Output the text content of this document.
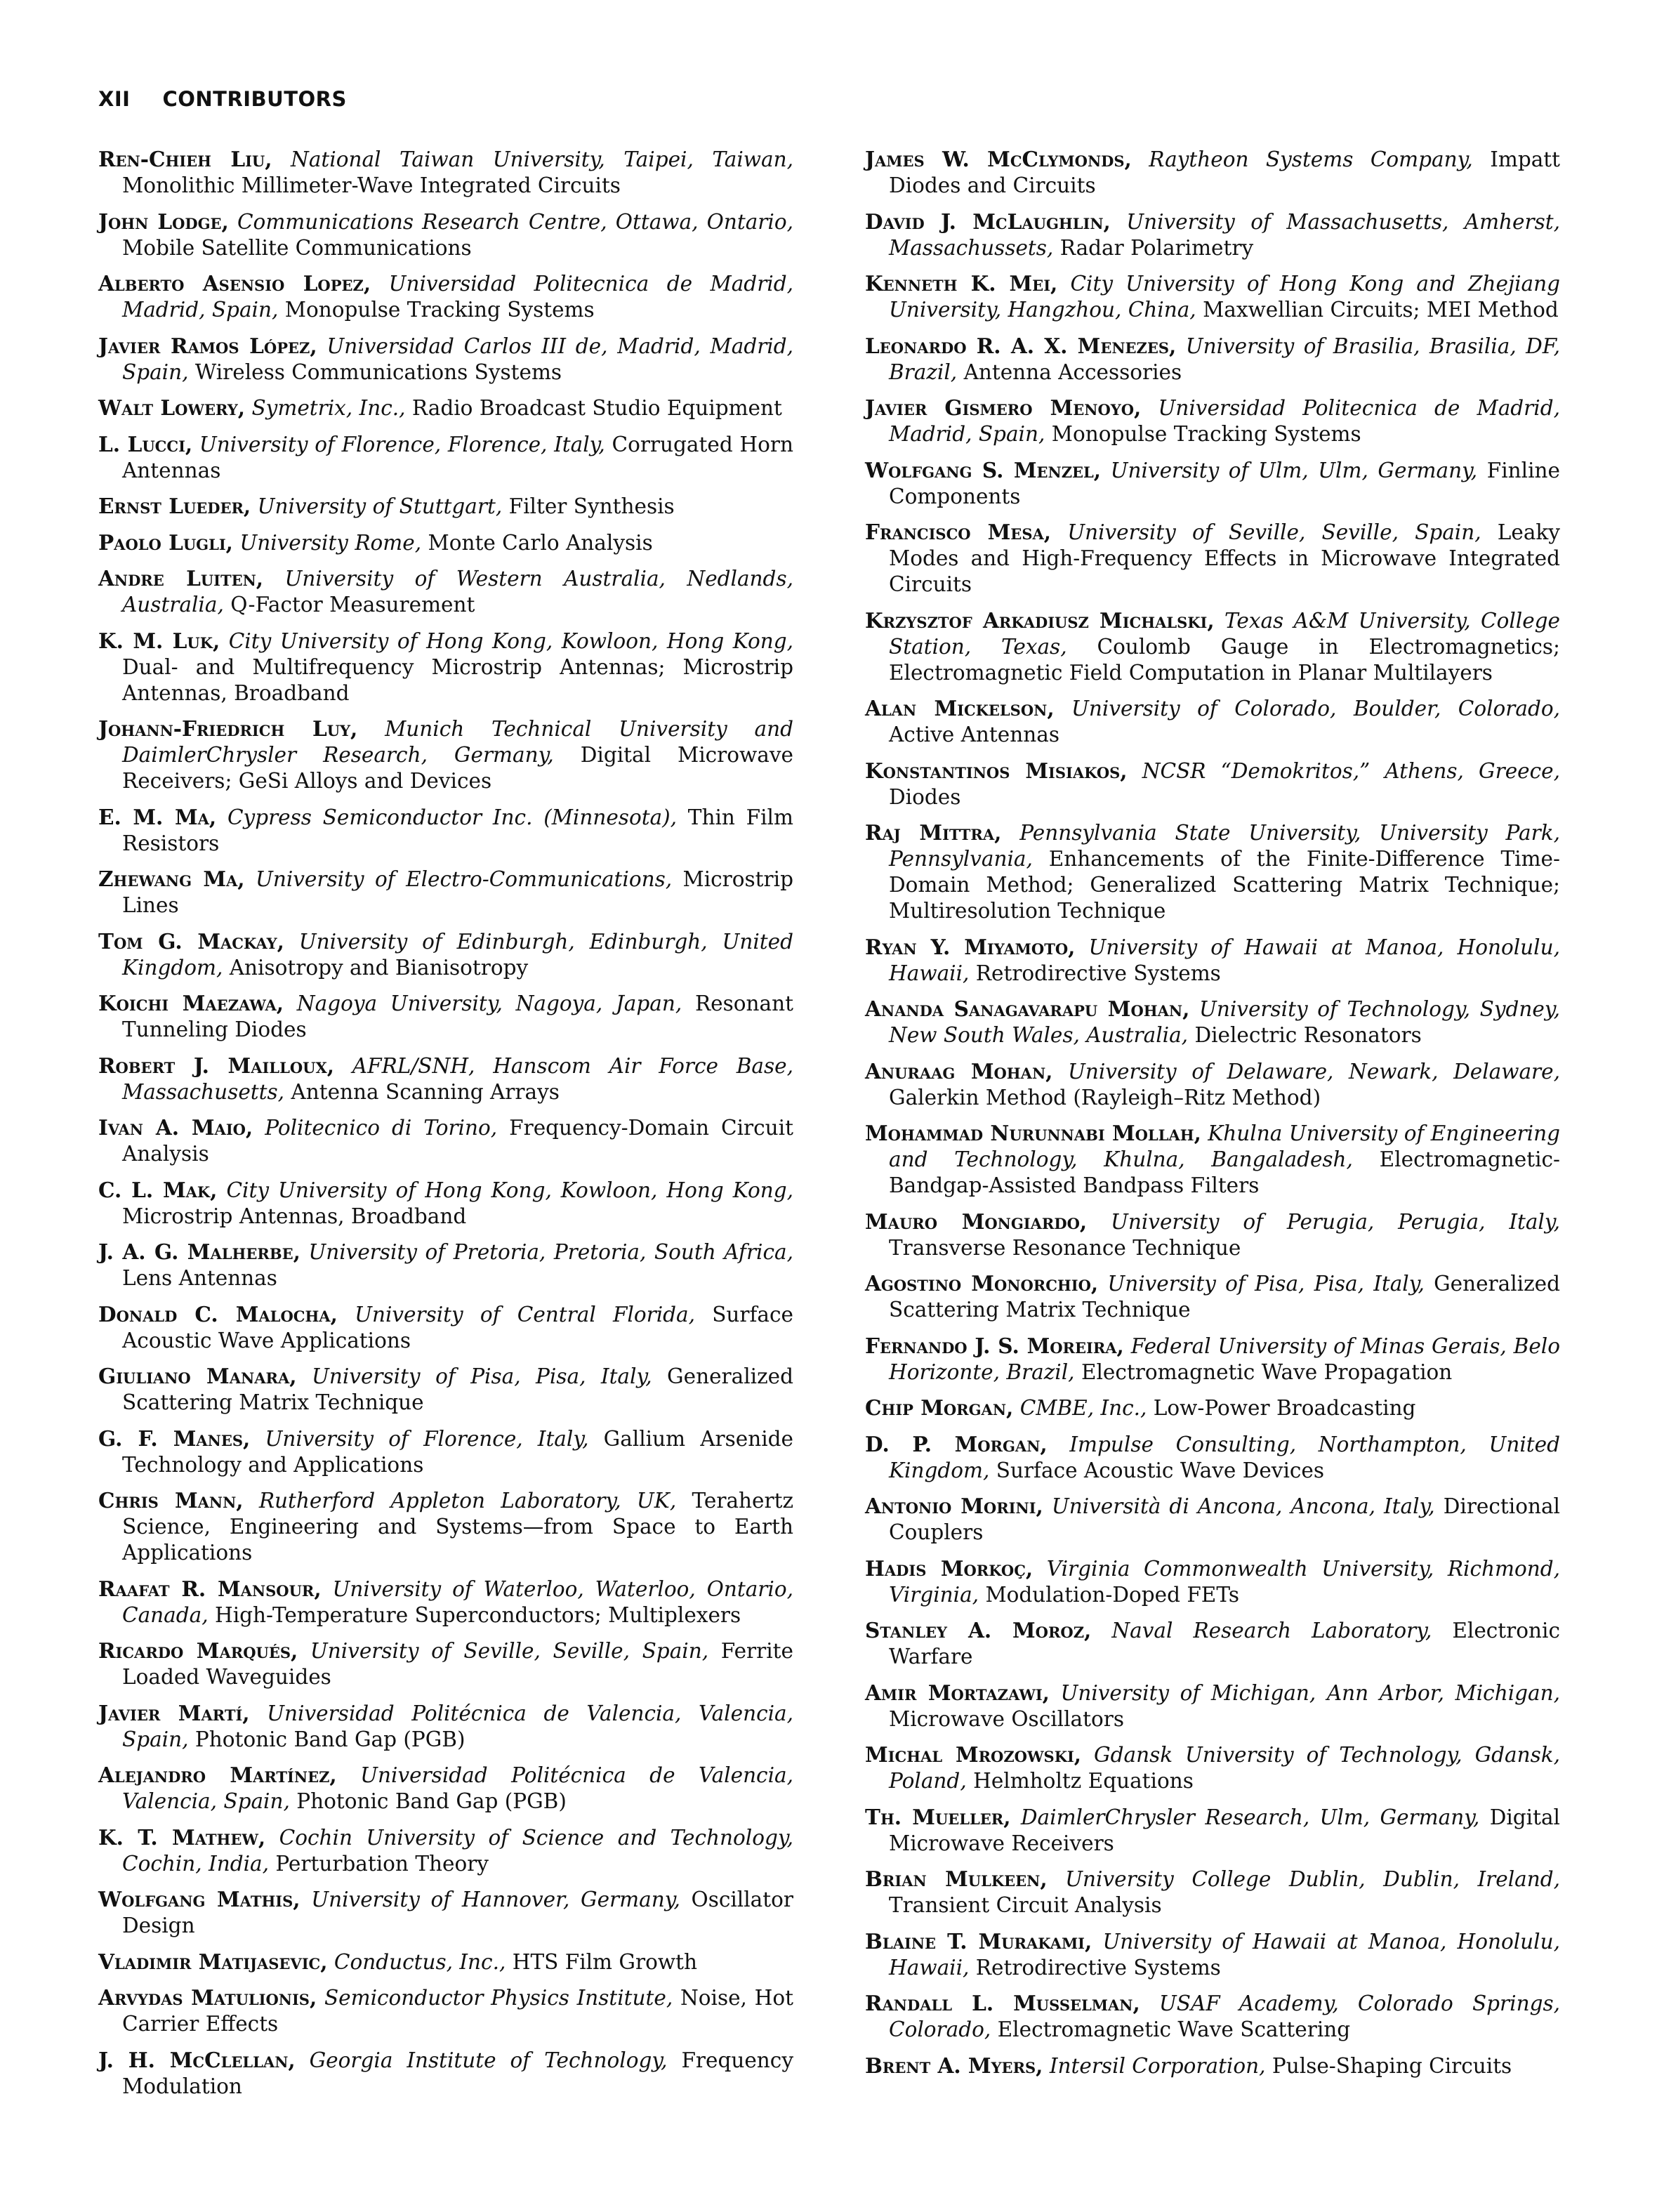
XII CONTRIBUTORS

Ren-Chieh Liu, National Taiwan University, Taipei, Taiwan, Monolithic Millimeter-Wave Integrated Circuits

John Lodge, Communications Research Centre, Ottawa, Ontario, Mobile Satellite Communications

Alberto Asensio Lopez, Universidad Politecnica de Madrid, Madrid, Spain, Monopulse Tracking Systems

Javier Ramos López, Universidad Carlos III de, Madrid, Madrid, Spain, Wireless Communications Systems

Walt Lowery, Symetrix, Inc., Radio Broadcast Studio Equipment

L. Lucci, University of Florence, Florence, Italy, Corrugated Horn Antennas

Ernst Lueder, University of Stuttgart, Filter Synthesis

Paolo Lugli, University Rome, Monte Carlo Analysis

Andre Luiten, University of Western Australia, Nedlands, Australia, Q-Factor Measurement

K. M. Luk, City University of Hong Kong, Kowloon, Hong Kong, Dual- and Multifrequency Microstrip Antennas; Microstrip Antennas, Broadband

Johann-Friedrich Luy, Munich Technical University and DaimlerChrysler Research, Germany, Digital Microwave Receivers; GeSi Alloys and Devices

E. M. Ma, Cypress Semiconductor Inc. (Minnesota), Thin Film Resistors

Zhewang Ma, University of Electro-Communications, Microstrip Lines

Tom G. Mackay, University of Edinburgh, Edinburgh, United Kingdom, Anisotropy and Bianisotropy

Koichi Maezawa, Nagoya University, Nagoya, Japan, Resonant Tunneling Diodes

Robert J. Mailloux, AFRL/SNH, Hanscom Air Force Base, Massachusetts, Antenna Scanning Arrays

Ivan A. Maio, Politecnico di Torino, Frequency-Domain Circuit Analysis

C. L. Mak, City University of Hong Kong, Kowloon, Hong Kong, Microstrip Antennas, Broadband

J. A. G. Malherbe, University of Pretoria, Pretoria, South Africa, Lens Antennas

Donald C. Malocha, University of Central Florida, Surface Acoustic Wave Applications

Giuliano Manara, University of Pisa, Pisa, Italy, Generalized Scattering Matrix Technique

G. F. Manes, University of Florence, Italy, Gallium Arsenide Technology and Applications

Chris Mann, Rutherford Appleton Laboratory, UK, Terahertz Science, Engineering and Systems—from Space to Earth Applications

Raafat R. Mansour, University of Waterloo, Waterloo, Ontario, Canada, High-Temperature Superconductors; Multiplexers

Ricardo Marqués, University of Seville, Seville, Spain, Ferrite Loaded Waveguides

Javier Martí, Universidad Politécnica de Valencia, Valencia, Spain, Photonic Band Gap (PGB)

Alejandro Martínez, Universidad Politécnica de Valencia, Valencia, Spain, Photonic Band Gap (PGB)

K. T. Mathew, Cochin University of Science and Technology, Cochin, India, Perturbation Theory

Wolfgang Mathis, University of Hannover, Germany, Oscillator Design

Vladimir Matijasevic, Conductus, Inc., HTS Film Growth

Arvydas Matulionis, Semiconductor Physics Institute, Noise, Hot Carrier Effects

J. H. McClellan, Georgia Institute of Technology, Frequency Modulation

James W. McClymonds, Raytheon Systems Company, Impatt Diodes and Circuits

David J. McLaughlin, University of Massachusetts, Amherst, Massachussets, Radar Polarimetry

Kenneth K. Mei, City University of Hong Kong and Zhejiang University, Hangzhou, China, Maxwellian Circuits; MEI Method

Leonardo R. A. X. Menezes, University of Brasilia, Brasilia, DF, Brazil, Antenna Accessories

Javier Gismero Menoyo, Universidad Politecnica de Madrid, Madrid, Spain, Monopulse Tracking Systems

Wolfgang S. Menzel, University of Ulm, Ulm, Germany, Finline Components

Francisco Mesa, University of Seville, Seville, Spain, Leaky Modes and High-Frequency Effects in Microwave Integrated Circuits

Krzysztof Arkadiusz Michalski, Texas A&M University, College Station, Texas, Coulomb Gauge in Electromagnetics; Electromagnetic Field Computation in Planar Multilayers

Alan Mickelson, University of Colorado, Boulder, Colorado, Active Antennas

Konstantinos Misiakos, NCSR “Demokritos,” Athens, Greece, Diodes

Raj Mittra, Pennsylvania State University, University Park, Pennsylvania, Enhancements of the Finite-Difference Time-Domain Method; Generalized Scattering Matrix Technique; Multiresolution Technique

Ryan Y. Miyamoto, University of Hawaii at Manoa, Honolulu, Hawaii, Retrodirective Systems

Ananda Sanagavarapu Mohan, University of Technology, Sydney, New South Wales, Australia, Dielectric Resonators

Anuraag Mohan, University of Delaware, Newark, Delaware, Galerkin Method (Rayleigh–Ritz Method)

Mohammad Nurunnabi Mollah, Khulna University of Engineering and Technology, Khulna, Bangaladesh, Electromagnetic-Bandgap-Assisted Bandpass Filters

Mauro Mongiardo, University of Perugia, Perugia, Italy, Transverse Resonance Technique

Agostino Monorchio, University of Pisa, Pisa, Italy, Generalized Scattering Matrix Technique

Fernando J. S. Moreira, Federal University of Minas Gerais, Belo Horizonte, Brazil, Electromagnetic Wave Propagation

Chip Morgan, CMBE, Inc., Low-Power Broadcasting

D. P. Morgan, Impulse Consulting, Northampton, United Kingdom, Surface Acoustic Wave Devices

Antonio Morini, Università di Ancona, Ancona, Italy, Directional Couplers

Hadis Morkoç, Virginia Commonwealth University, Richmond, Virginia, Modulation-Doped FETs

Stanley A. Moroz, Naval Research Laboratory, Electronic Warfare

Amir Mortazawi, University of Michigan, Ann Arbor, Michigan, Microwave Oscillators

Michal Mrozowski, Gdansk University of Technology, Gdansk, Poland, Helmholtz Equations

Th. Mueller, DaimlerChrysler Research, Ulm, Germany, Digital Microwave Receivers

Brian Mulkeen, University College Dublin, Dublin, Ireland, Transient Circuit Analysis

Blaine T. Murakami, University of Hawaii at Manoa, Honolulu, Hawaii, Retrodirective Systems

Randall L. Musselman, USAF Academy, Colorado Springs, Colorado, Electromagnetic Wave Scattering

Brent A. Myers, Intersil Corporation, Pulse-Shaping Circuits
